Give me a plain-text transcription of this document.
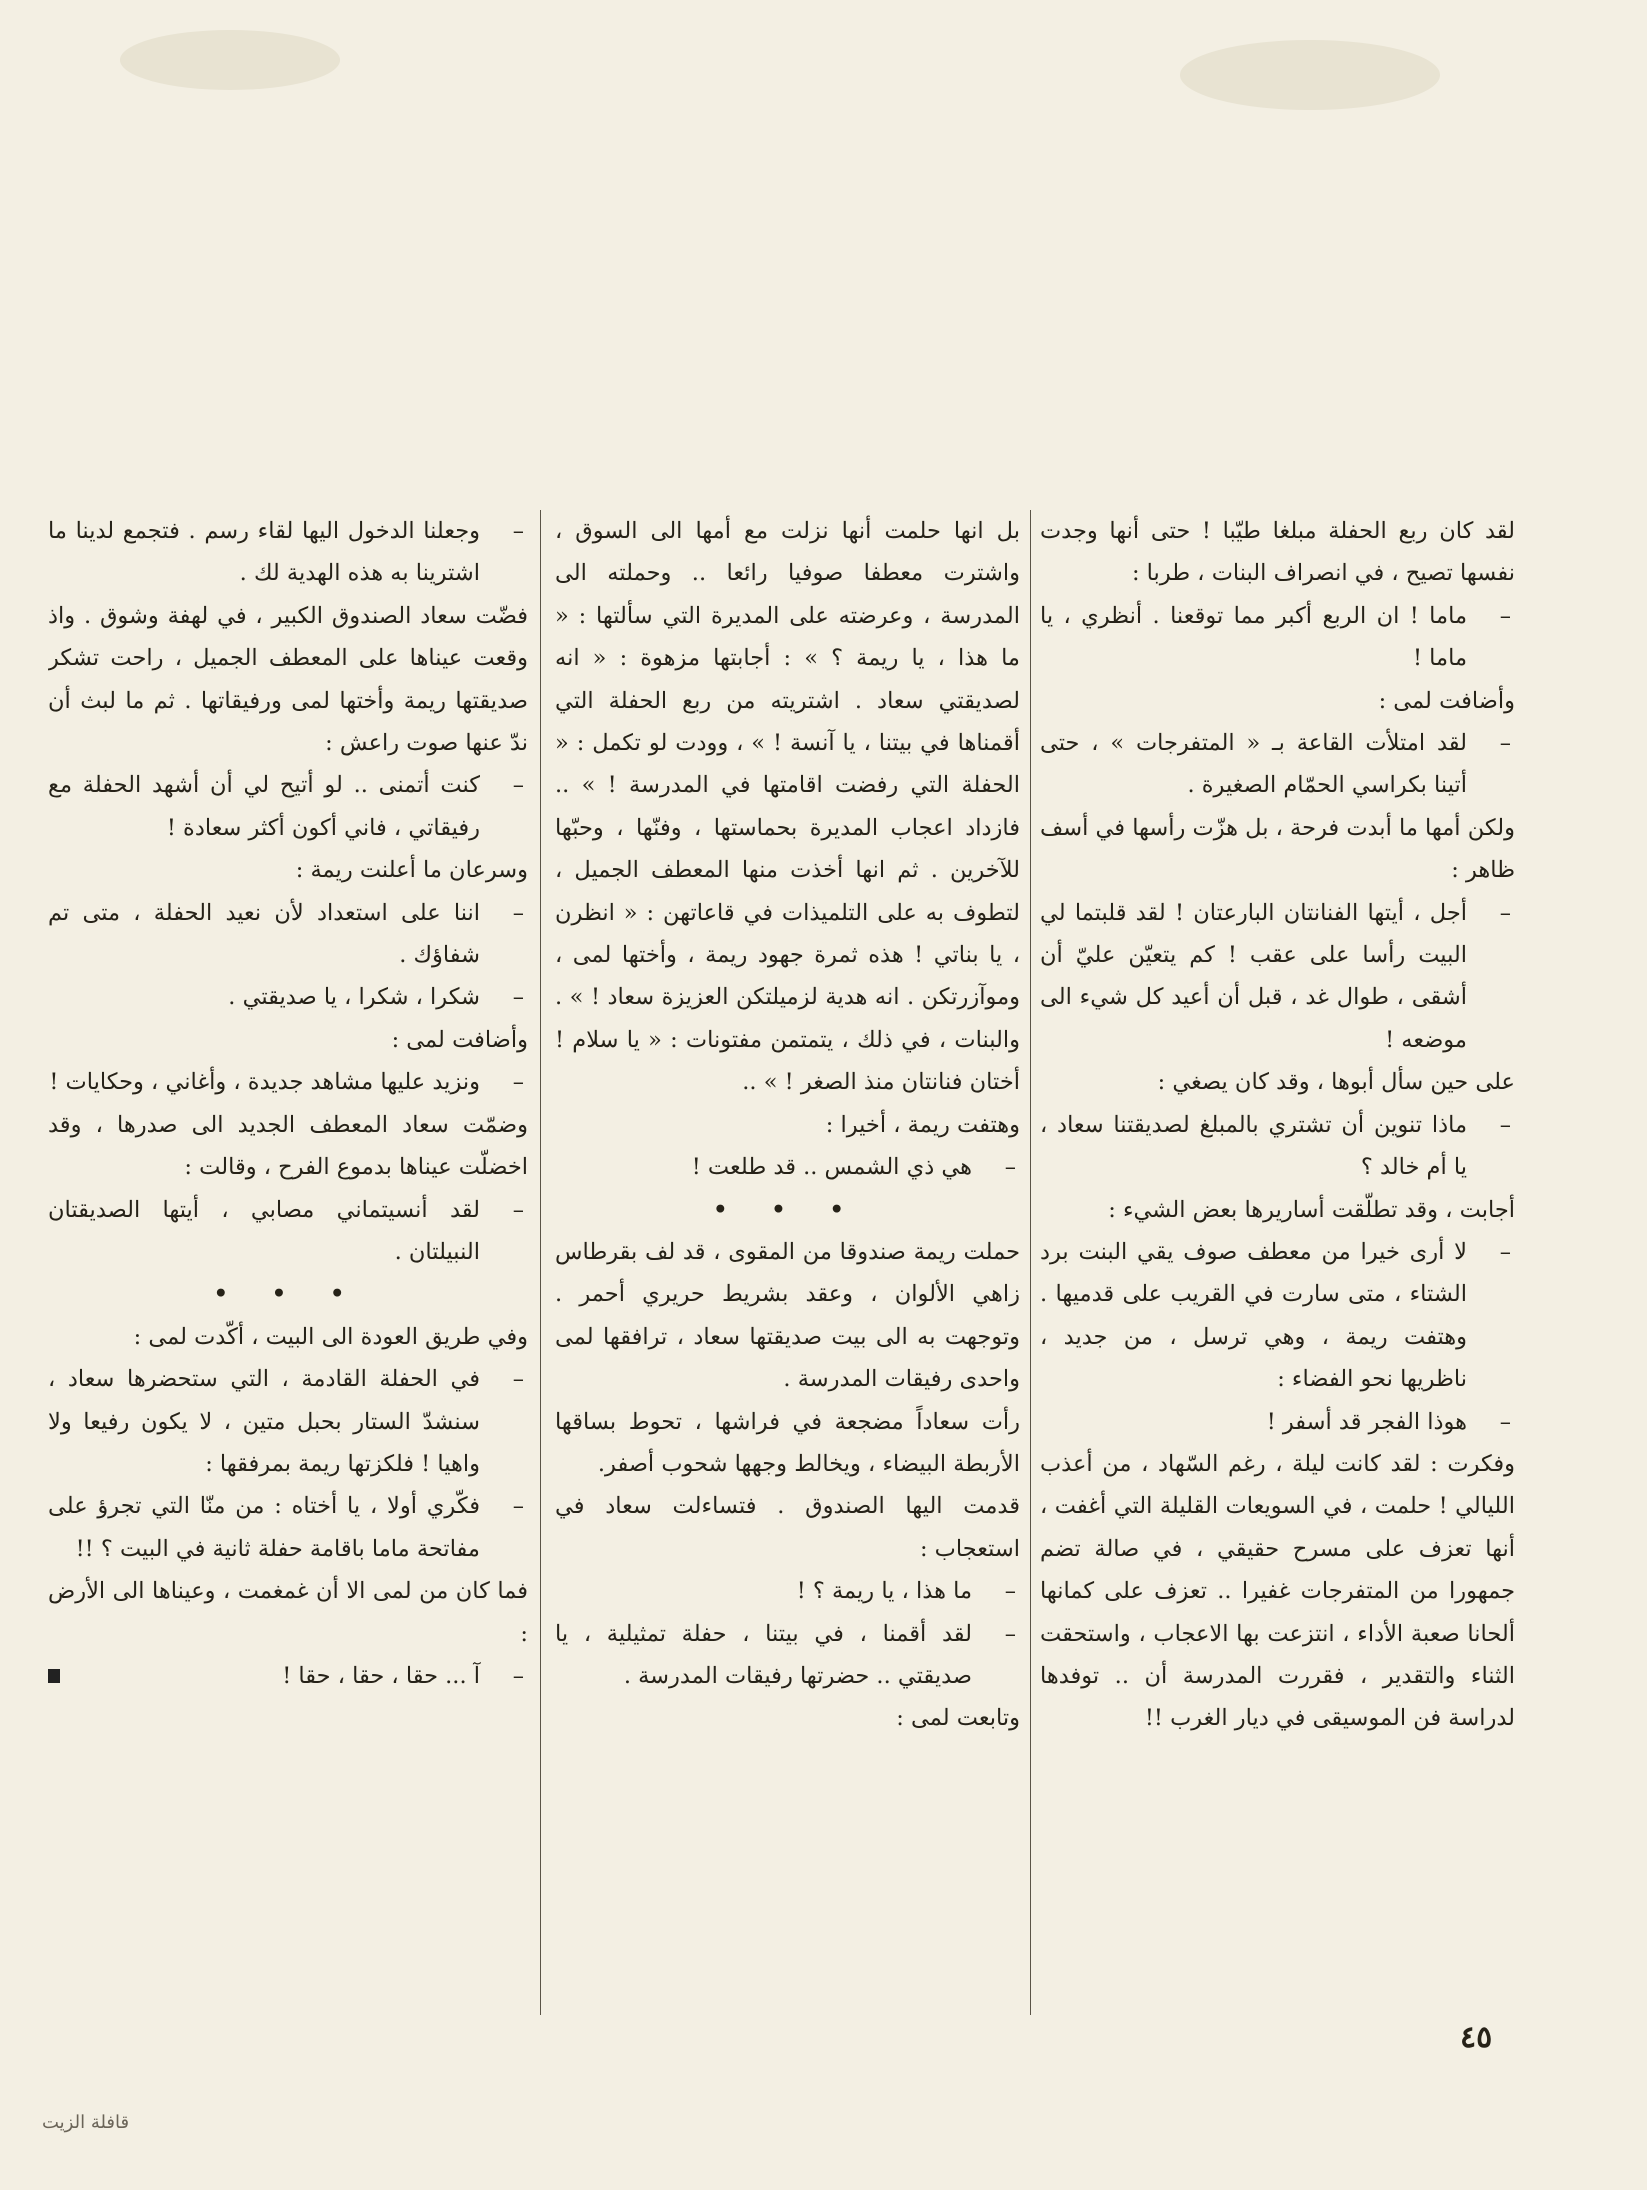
لقد كان ربع الحفلة مبلغا طيّبا ! حتى أنها وجدت نفسها تصيح ، في انصراف البنات ، طربا :

– ماما ! ان الربع أكبر مما توقعنا . أنظري ، يا ماما !

وأضافت لمى :

– لقد امتلأت القاعة بـ « المتفرجات » ، حتى أتينا بكراسي الحمّام الصغيرة .

ولكن أمها ما أبدت فرحة ، بل هزّت رأسها في أسف ظاهر :

– أجل ، أيتها الفنانتان البارعتان ! لقد قلبتما لي البيت رأسا على عقب ! كم يتعيّن عليّ أن أشقى ، طوال غد ، قبل أن أعيد كل شيء الى موضعه !

على حين سأل أبوها ، وقد كان يصغي :

– ماذا تنوين أن تشتري بالمبلغ لصديقتنا سعاد ، يا أم خالد ؟

أجابت ، وقد تطلّقت أساريرها بعض الشيء :

– لا أرى خيرا من معطف صوف يقي البنت برد الشتاء ، متى سارت في القريب على قدميها . وهتفت ريمة ، وهي ترسل ، من جديد ، ناظريها نحو الفضاء :

– هوذا الفجر قد أسفر !

وفكرت : لقد كانت ليلة ، رغم السّهاد ، من أعذب الليالي ! حلمت ، في السويعات القليلة التي أغفت ، أنها تعزف على مسرح حقيقي ، في صالة تضم جمهورا من المتفرجات غفيرا .. تعزف على كمانها ألحانا صعبة الأداء ، انتزعت بها الاعجاب ، واستحقت الثناء والتقدير ، فقررت المدرسة أن .. توفدها لدراسة فن الموسيقى في ديار الغرب !!

بل انها حلمت أنها نزلت مع أمها الى السوق ، واشترت معطفا صوفيا رائعا .. وحملته الى المدرسة ، وعرضته على المديرة التي سألتها : « ما هذا ، يا ريمة ؟ » : أجابتها مزهوة : « انه لصديقتي سعاد . اشتريته من ربع الحفلة التي أقمناها في بيتنا ، يا آنسة ! » ، وودت لو تكمل : « الحفلة التي رفضت اقامتها في المدرسة ! » .. فازداد اعجاب المديرة بحماستها ، وفنّها ، وحبّها للآخرين . ثم انها أخذت منها المعطف الجميل ، لتطوف به على التلميذات في قاعاتهن : « انظرن ، يا بناتي ! هذه ثمرة جهود ريمة ، وأختها لمى ، وموآزرتكن . انه هدية لزميلتكن العزيزة سعاد ! » . والبنات ، في ذلك ، يتمتمن مفتونات : « يا سلام ! أختان فنانتان منذ الصغر ! » ..

وهتفت ريمة ، أخيرا :

– هي ذي الشمس .. قد طلعت !

• • •

حملت ريمة صندوقا من المقوى ، قد لف بقرطاس زاهي الألوان ، وعقد بشريط حريري أحمر . وتوجهت به الى بيت صديقتها سعاد ، ترافقها لمى واحدى رفيقات المدرسة .

رأت سعاداً مضجعة في فراشها ، تحوط بساقها الأربطة البيضاء ، ويخالط وجهها شحوب أصفر.

قدمت اليها الصندوق . فتساءلت سعاد في استعجاب :

– ما هذا ، يا ريمة ؟ !

– لقد أقمنا ، في بيتنا ، حفلة تمثيلية ، يا صديقتي .. حضرتها رفيقات المدرسة .

وتابعت لمى :

– وجعلنا الدخول اليها لقاء رسم . فتجمع لدينا ما اشترينا به هذه الهدية لك .

فضّت سعاد الصندوق الكبير ، في لهفة وشوق . واذ وقعت عيناها على المعطف الجميل ، راحت تشكر صديقتها ريمة وأختها لمى ورفيقاتها . ثم ما لبث أن ندّ عنها صوت راعش :

– كنت أتمنى .. لو أتيح لي أن أشهد الحفلة مع رفيقاتي ، فاني أكون أكثر سعادة !

وسرعان ما أعلنت ريمة :

– اننا على استعداد لأن نعيد الحفلة ، متى تم شفاؤك .

– شكرا ، شكرا ، يا صديقتي .

وأضافت لمى :

– ونزيد عليها مشاهد جديدة ، وأغاني ، وحكايات !

وضمّت سعاد المعطف الجديد الى صدرها ، وقد اخضلّت عيناها بدموع الفرح ، وقالت :

– لقد أنسيتماني مصابي ، أيتها الصديقتان النبيلتان .

• • •

وفي طريق العودة الى البيت ، أكّدت لمى :

– في الحفلة القادمة ، التي ستحضرها سعاد ، سنشدّ الستار بحبل متين ، لا يكون رفيعا ولا واهيا ! فلكزتها ريمة بمرفقها :

– فكّري أولا ، يا أختاه : من منّا التي تجرؤ على مفاتحة ماما باقامة حفلة ثانية في البيت ؟ !!

فما كان من لمى الا أن غمغمت ، وعيناها الى الأرض :

– آ ... حقا ، حقا ، حقا !

٤٥
قافلة الزيت
